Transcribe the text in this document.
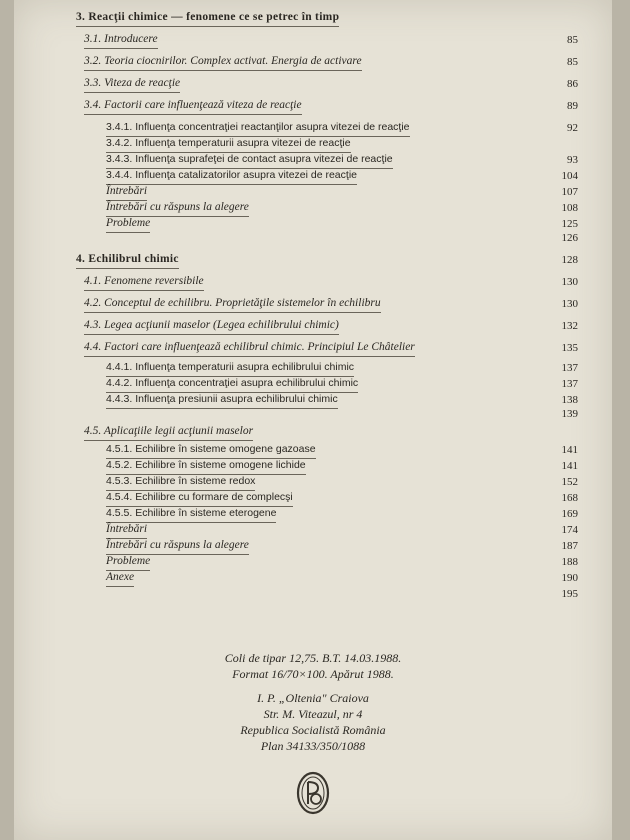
3. Reacţii chimice — fenomene ce se petrec în timp
3.1. Introducere	85
3.2. Teoria ciocnirilor. Complex activat. Energia de activare	85
3.3. Viteza de reacţie	86
3.4. Factorii care influenţează viteza de reacţie	89
3.4.1. Influenţa concentraţiei reactanţilor asupra vitezei de reacţie	92
3.4.2. Influenţa temperaturii asupra vitezei de reacţie
3.4.3. Influenţa suprafeţei de contact asupra vitezei de reacţie	93
3.4.4. Influenţa catalizatorilor asupra vitezei de reacţie	104
Întrebări	107
Întrebări cu răspuns la alegere	108
Probleme	125
126
4. Echilibrul chimic	128
4.1. Fenomene reversibile	130
4.2. Conceptul de echilibru. Proprietăţile sistemelor în echilibru	130
4.3. Legea acţiunii maselor (Legea echilibrului chimic)	132
4.4. Factori care influenţează echilibrul chimic. Principiul Le Châtelier	135
4.4.1. Influenţa temperaturii asupra echilibrului chimic	137
4.4.2. Influenţa concentraţiei asupra echilibrului chimic	137
4.4.3. Influenţa presiunii asupra echilibrului chimic	138
139
4.5. Aplicaţiile legii acţiunii maselor
4.5.1. Echilibre în sisteme omogene gazoase	141
4.5.2. Echilibre în sisteme omogene lichide	141
4.5.3. Echilibre în sisteme redox	152
4.5.4. Echilibre cu formare de complecşi	168
4.5.5. Echilibre în sisteme eterogene	169
Întrebări	174
Întrebări cu răspuns la alegere	187
Probleme	188
Anexe	190
195
Coli de tipar 12,75. B.T. 14.03.1988.
Format 16/70×100. Apărut 1988.
I. P. „Oltenia" Craiova
Str. M. Viteazul, nr 4
Republica Socialistă România
Plan 34133/350/1088
